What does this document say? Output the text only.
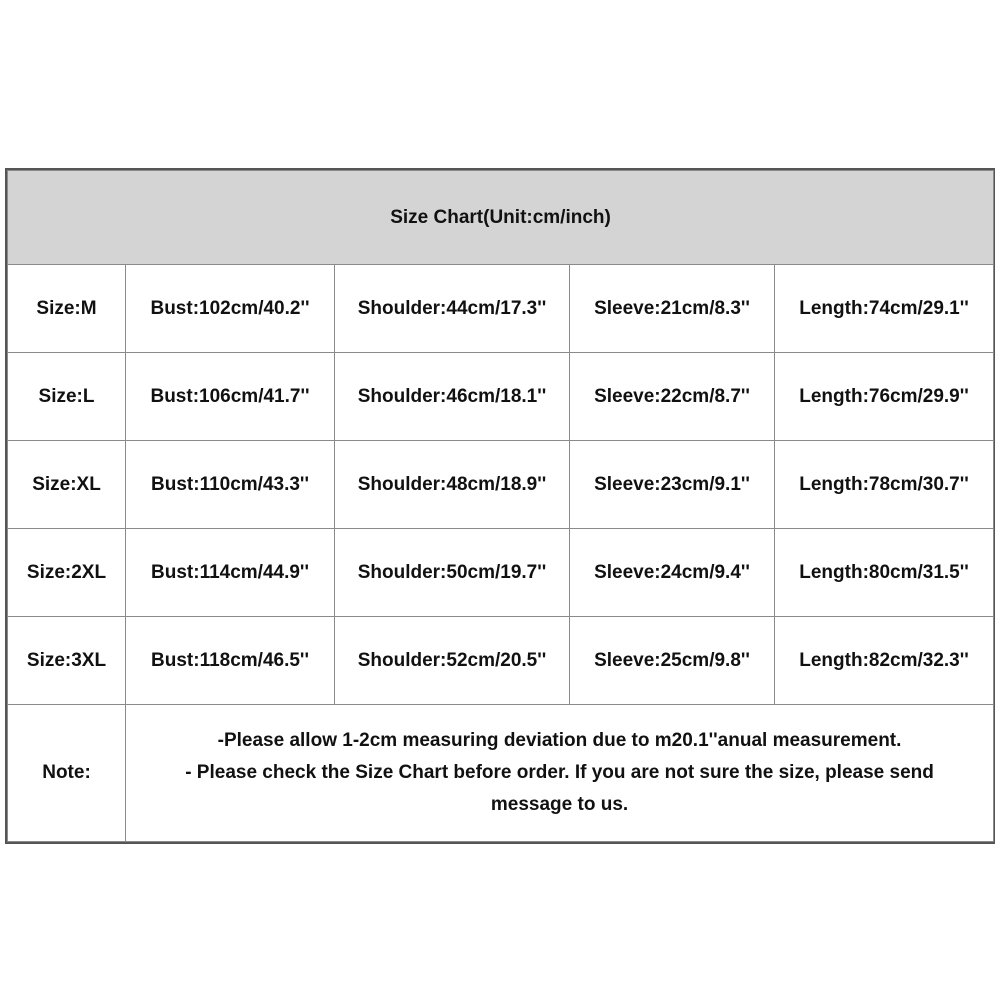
Size Chart(Unit:cm/inch)				
Size:M	Bust:102cm/40.2''	Shoulder:44cm/17.3''	Sleeve:21cm/8.3''	Length:74cm/29.1''
Size:L	Bust:106cm/41.7''	Shoulder:46cm/18.1''	Sleeve:22cm/8.7''	Length:76cm/29.9''
Size:XL	Bust:110cm/43.3''	Shoulder:48cm/18.9''	Sleeve:23cm/9.1''	Length:78cm/30.7''
Size:2XL	Bust:114cm/44.9''	Shoulder:50cm/19.7''	Sleeve:24cm/9.4''	Length:80cm/31.5''
Size:3XL	Bust:118cm/46.5''	Shoulder:52cm/20.5''	Sleeve:25cm/9.8''	Length:82cm/32.3''
Note:	-Please allow 1-2cm measuring deviation due to m20.1''anual measurement.
- Please check the Size Chart before order. If you are not sure the size, please send message to us.			
